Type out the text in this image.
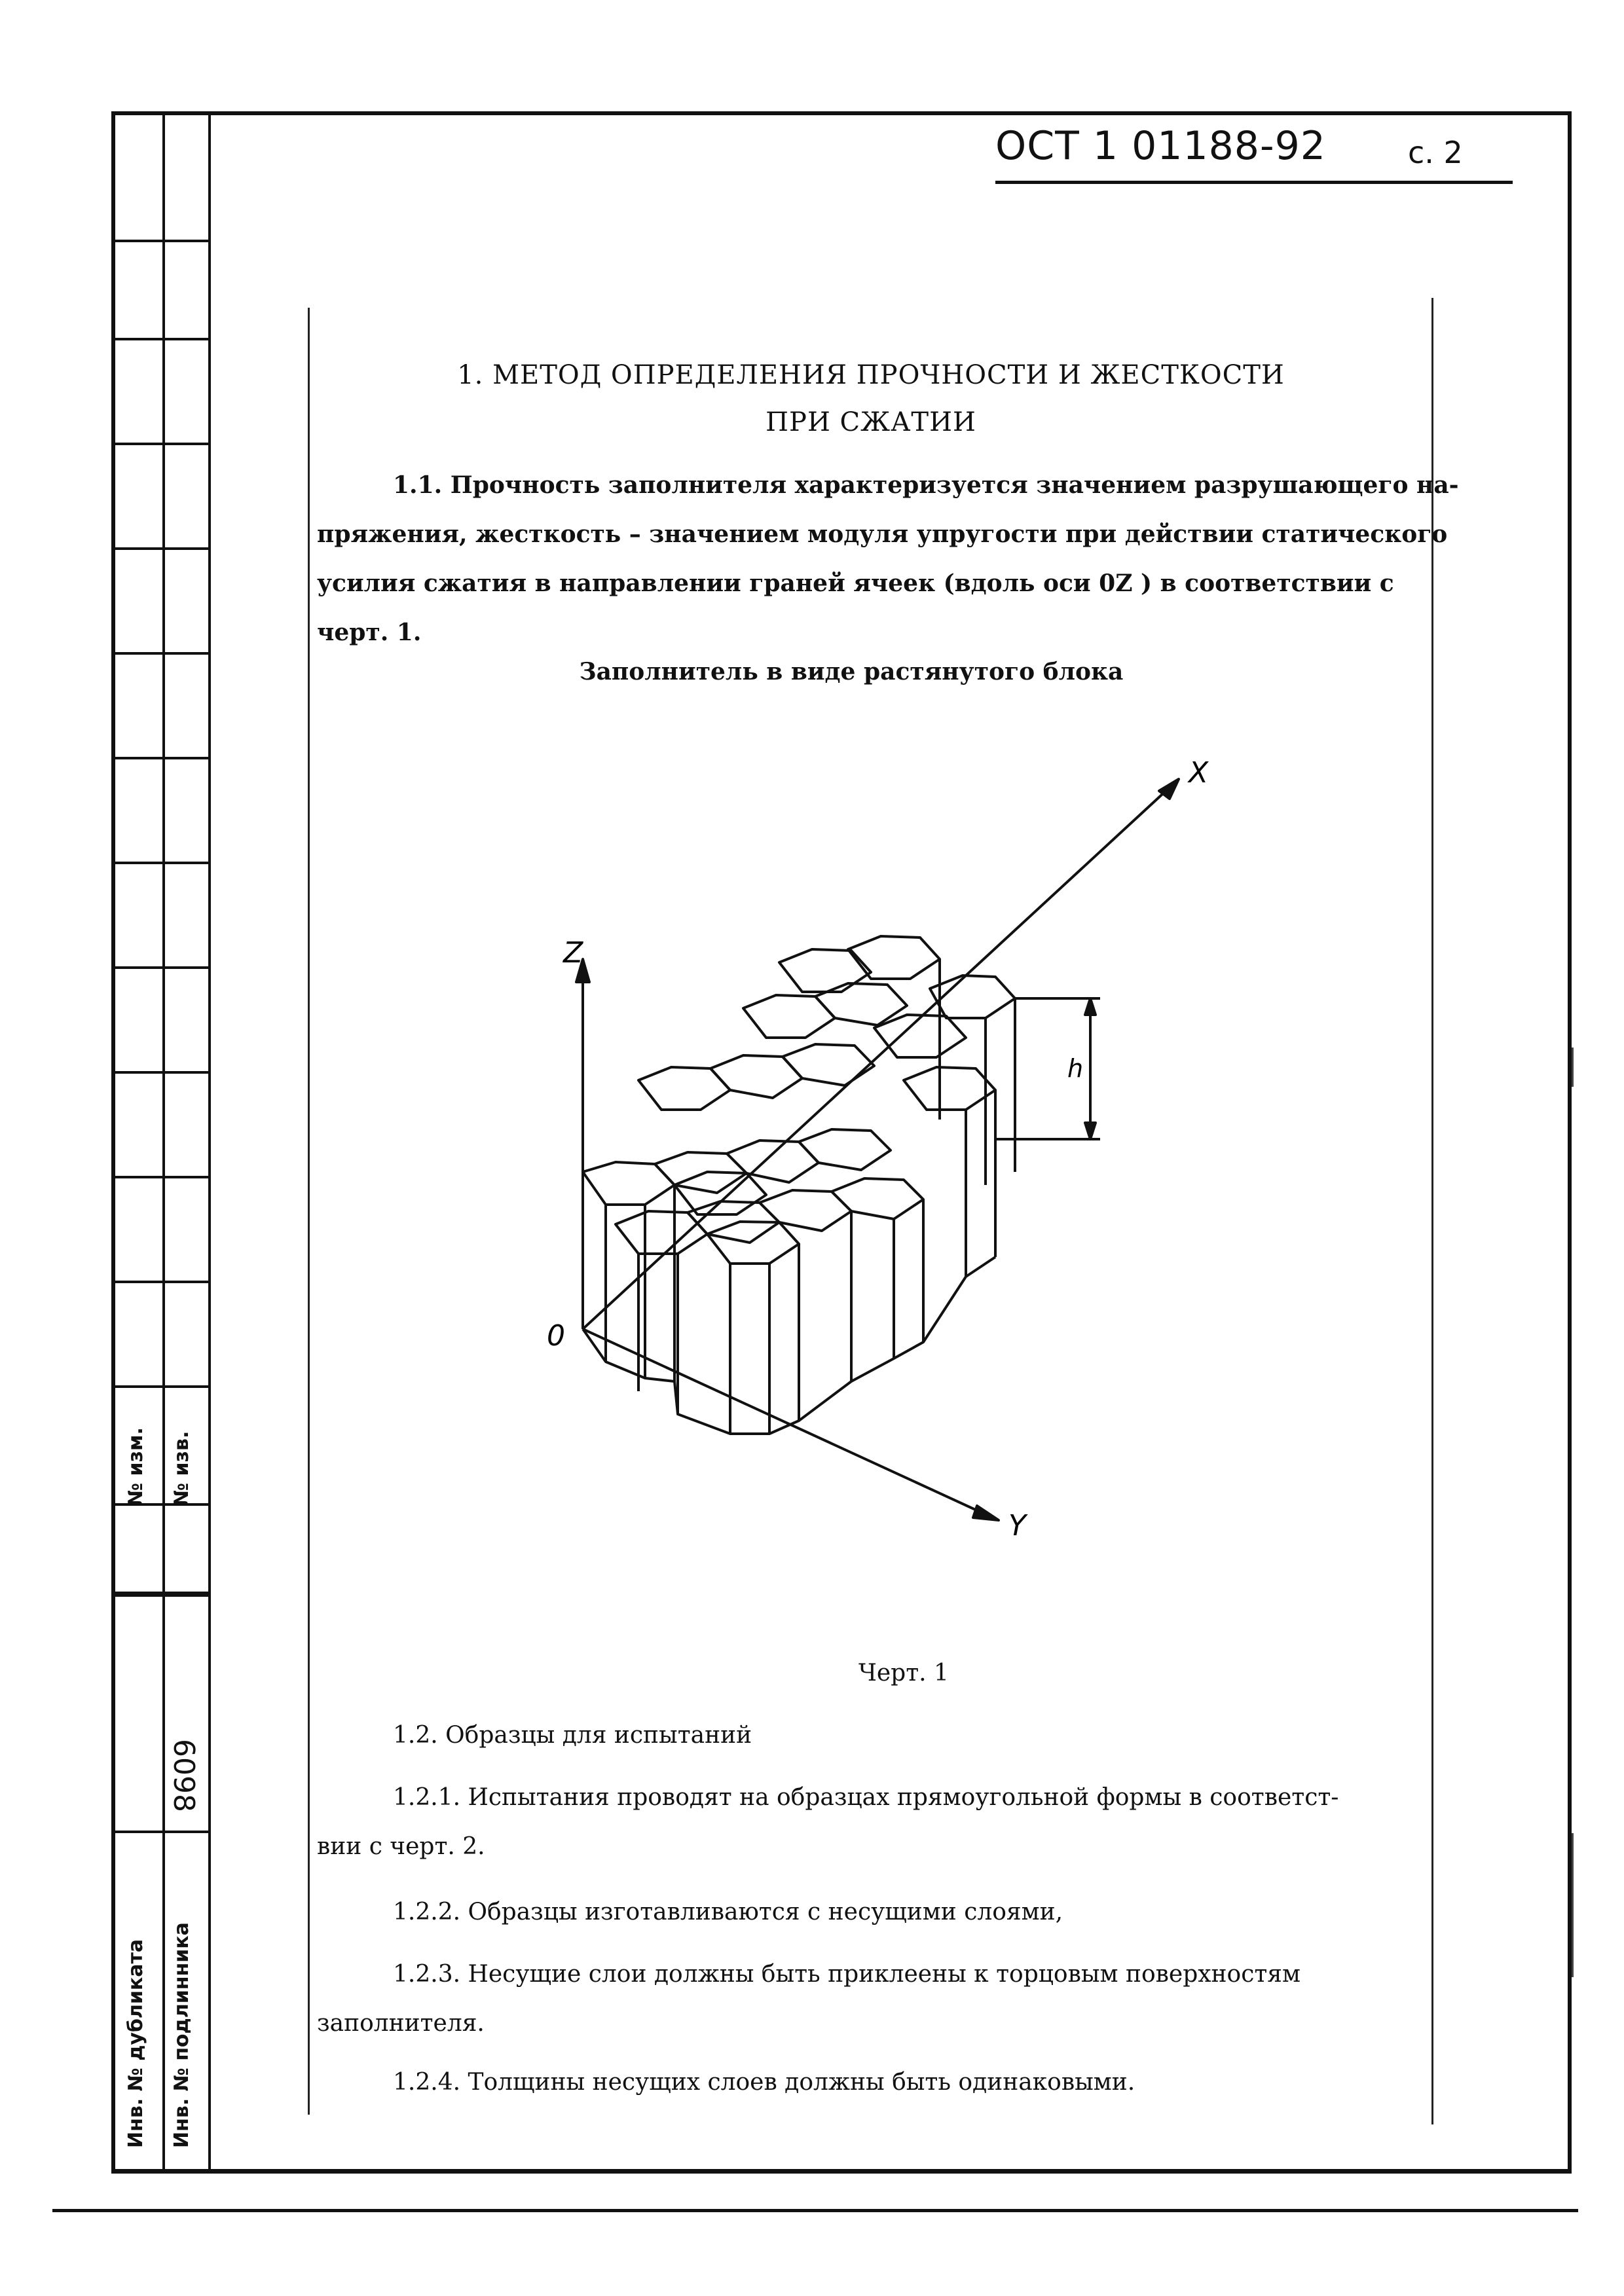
№ изм. № изв.
Инв. № дубликата Инв. № подлинника
6098
ОСТ 1 01188-92	с. 2
1. МЕТОД ОПРЕДЕЛЕНИЯ ПРОЧНОСТИ И ЖЕСТКОСТИ
ПРИ СЖАТИИ
1.1. Прочность заполнителя характеризуется значением разрушающего на-
пряжения, жесткость – значением модуля упругости при действии статического
усилия сжатия в направлении граней ячеек (вдоль оси 0Z ) в соответствии с
черт. 1.
Заполнитель в виде растянутого блока
X
Y
Z
0
h
Черт. 1
1.2. Образцы для испытаний
1.2.1. Испытания проводят на образцах прямоугольной формы в соответст-
вии с черт. 2.
1.2.2. Образцы изготавливаются с несущими слоями,
1.2.3. Несущие слои должны быть приклеены к торцовым поверхностям
заполнителя.
1.2.4. Толщины несущих слоев должны быть одинаковыми.
